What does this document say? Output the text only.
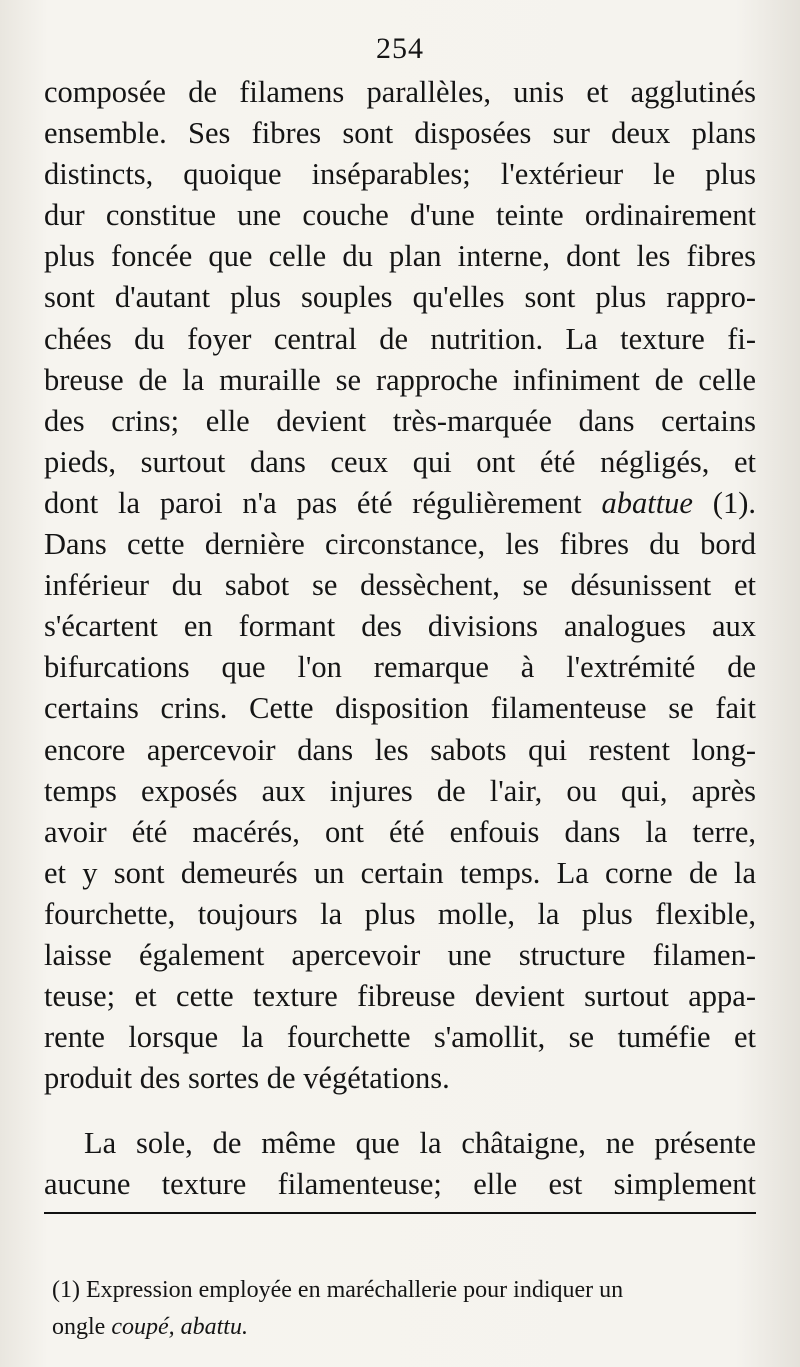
254
composée de filamens parallèles, unis et agglutinés
ensemble. Ses fibres sont disposées sur deux plans
distincts, quoique inséparables; l'extérieur le plus
dur constitue une couche d'une teinte ordinairement
plus foncée que celle du plan interne, dont les fibres
sont d'autant plus souples qu'elles sont plus rappro-
chées du foyer central de nutrition. La texture fi-
breuse de la muraille se rapproche infiniment de celle
des crins; elle devient très-marquée dans certains
pieds, surtout dans ceux qui ont été négligés, et
dont la paroi n'a pas été régulièrement abattue (1).
Dans cette dernière circonstance, les fibres du bord
inférieur du sabot se dessèchent, se désunissent et
s'écartent en formant des divisions analogues aux
bifurcations que l'on remarque à l'extrémité de
certains crins. Cette disposition filamenteuse se fait
encore apercevoir dans les sabots qui restent long-
temps exposés aux injures de l'air, ou qui, après
avoir été macérés, ont été enfouis dans la terre,
et y sont demeurés un certain temps. La corne de la
fourchette, toujours la plus molle, la plus flexible,
laisse également apercevoir une structure filamen-
teuse; et cette texture fibreuse devient surtout appa-
rente lorsque la fourchette s'amollit, se tuméfie et
produit des sortes de végétations.
La sole, de même que la châtaigne, ne présente
aucune texture filamenteuse; elle est simplement
(1) Expression employée en maréchallerie pour indiquer un
ongle coupé, abattu.
